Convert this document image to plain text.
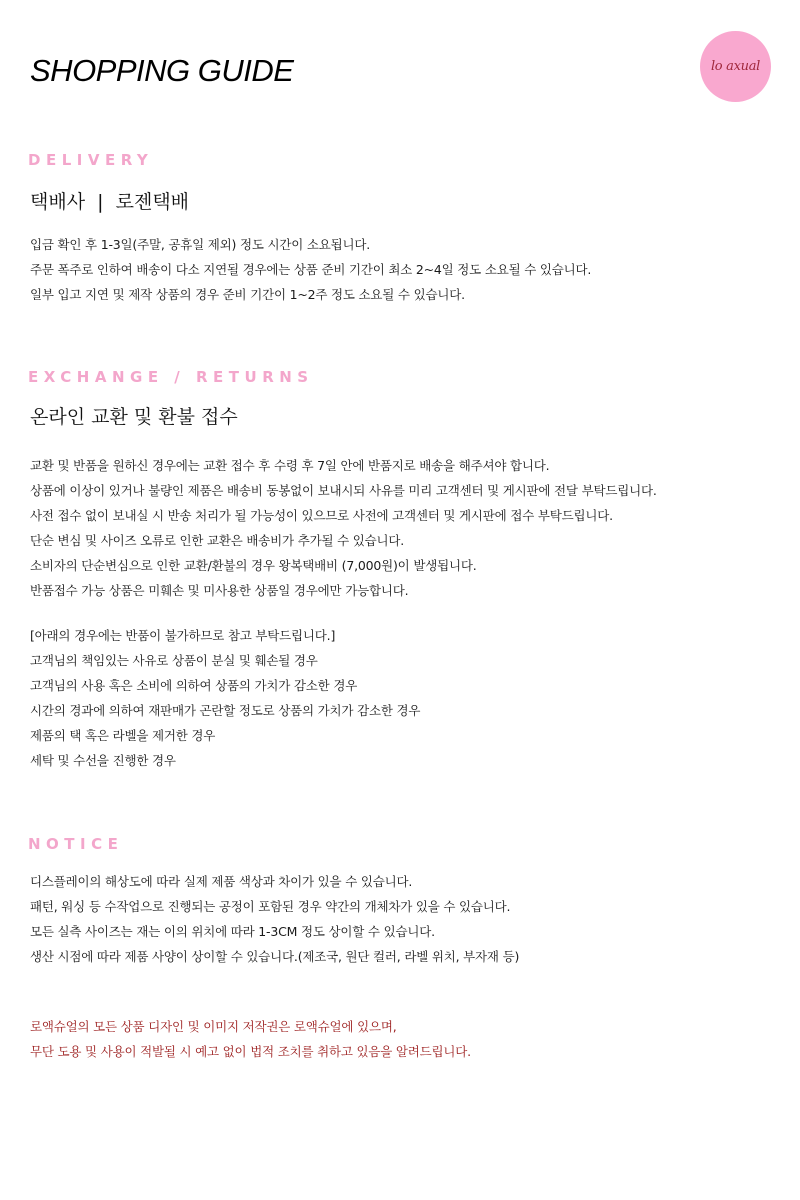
SHOPPING GUIDE	lo axual
DELIVERY
택배사  |  로젠택배
입금 확인 후 1-3일(주말, 공휴일 제외) 정도 시간이 소요됩니다.
주문 폭주로 인하여 배송이 다소 지연될 경우에는 상품 준비 기간이 최소 2~4일 정도 소요될 수 있습니다.
일부 입고 지연 및 제작 상품의 경우 준비 기간이 1~2주 정도 소요될 수 있습니다.
EXCHANGE / RETURNS
온라인 교환 및 환불 접수
교환 및 반품을 원하신 경우에는 교환 접수 후 수령 후 7일 안에 반품지로 배송을 해주셔야 합니다.
상품에 이상이 있거나 불량인 제품은 배송비 동봉없이 보내시되 사유를 미리 고객센터 및 게시판에 전달 부탁드립니다.
사전 접수 없이 보내실 시 반송 처리가 될 가능성이 있으므로 사전에 고객센터 및 게시판에 접수 부탁드립니다.
단순 변심 및 사이즈 오류로 인한 교환은 배송비가 추가될 수 있습니다.
소비자의 단순변심으로 인한 교환/환불의 경우 왕복택배비 (7,000원)이 발생됩니다.
반품접수 가능 상품은 미훼손 및 미사용한 상품일 경우에만 가능합니다.
[아래의 경우에는 반품이 불가하므로 참고 부탁드립니다.]
고객님의 책임있는 사유로 상품이 분실 및 훼손될 경우
고객님의 사용 혹은 소비에 의하여 상품의 가치가 감소한 경우
시간의 경과에 의하여 재판매가 곤란할 정도로 상품의 가치가 감소한 경우
제품의 택 혹은 라벨을 제거한 경우
세탁 및 수선을 진행한 경우
NOTICE
디스플레이의 해상도에 따라 실제 제품 색상과 차이가 있을 수 있습니다.
패턴, 워싱 등 수작업으로 진행되는 공정이 포함된 경우 약간의 개체차가 있을 수 있습니다.
모든 실측 사이즈는 재는 이의 위치에 따라 1-3CM 정도 상이할 수 있습니다.
생산 시점에 따라 제품 사양이 상이할 수 있습니다.(제조국, 원단 컬러, 라벨 위치, 부자재 등)
로액슈얼의 모든 상품 디자인 및 이미지 저작권은 로액슈얼에 있으며,
무단 도용 및 사용이 적발될 시 예고 없이 법적 조치를 취하고 있음을 알려드립니다.
